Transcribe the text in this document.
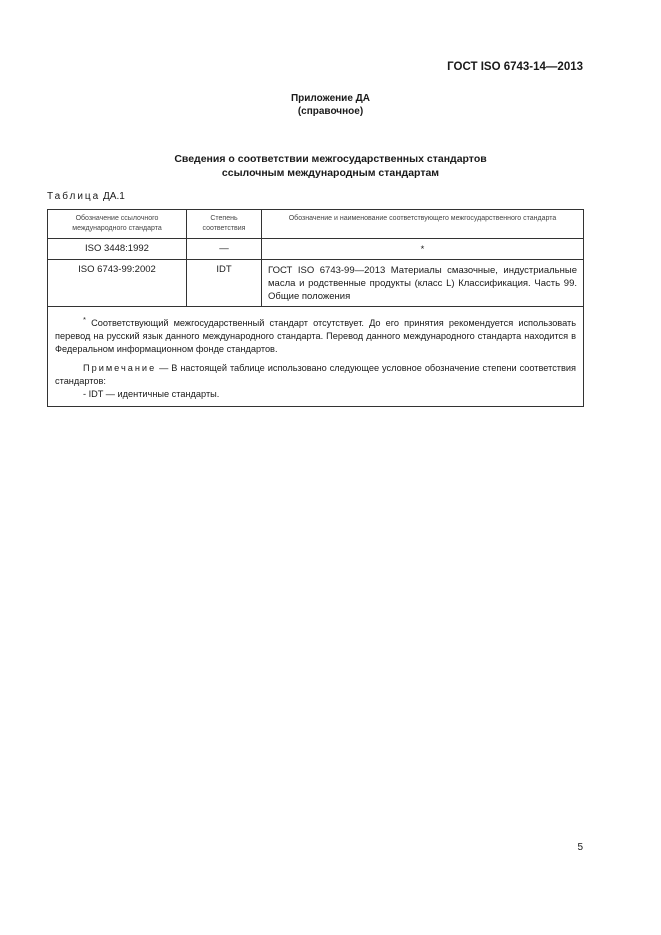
ГОСТ ISO 6743-14—2013
Приложение ДА
(справочное)
Сведения о соответствии межгосударственных стандартов
ссылочным международным стандартам
Таблица ДА.1
Обозначение ссылочного международного стандарта	Степень соответствия	Обозначение и наименование соответствующего межгосударственного стандарта
ISO 3448:1992	—	*
ISO 6743-99:2002	IDT	ГОСТ ISO 6743-99—2013 Материалы смазочные, индустриальные масла и родственные продукты (класс L) Классификация. Часть 99. Общие положения

* Соответствующий межгосударственный стандарт отсутствует. До его принятия рекомендуется использовать перевод на русский язык данного международного стандарта. Перевод данного международного стандарта находится в Федеральном информационном фонде стандартов.

Примечание — В настоящей таблице использовано следующее условное обозначение степени соответствия стандартов:

- IDT — идентичные стандарты.		

5
